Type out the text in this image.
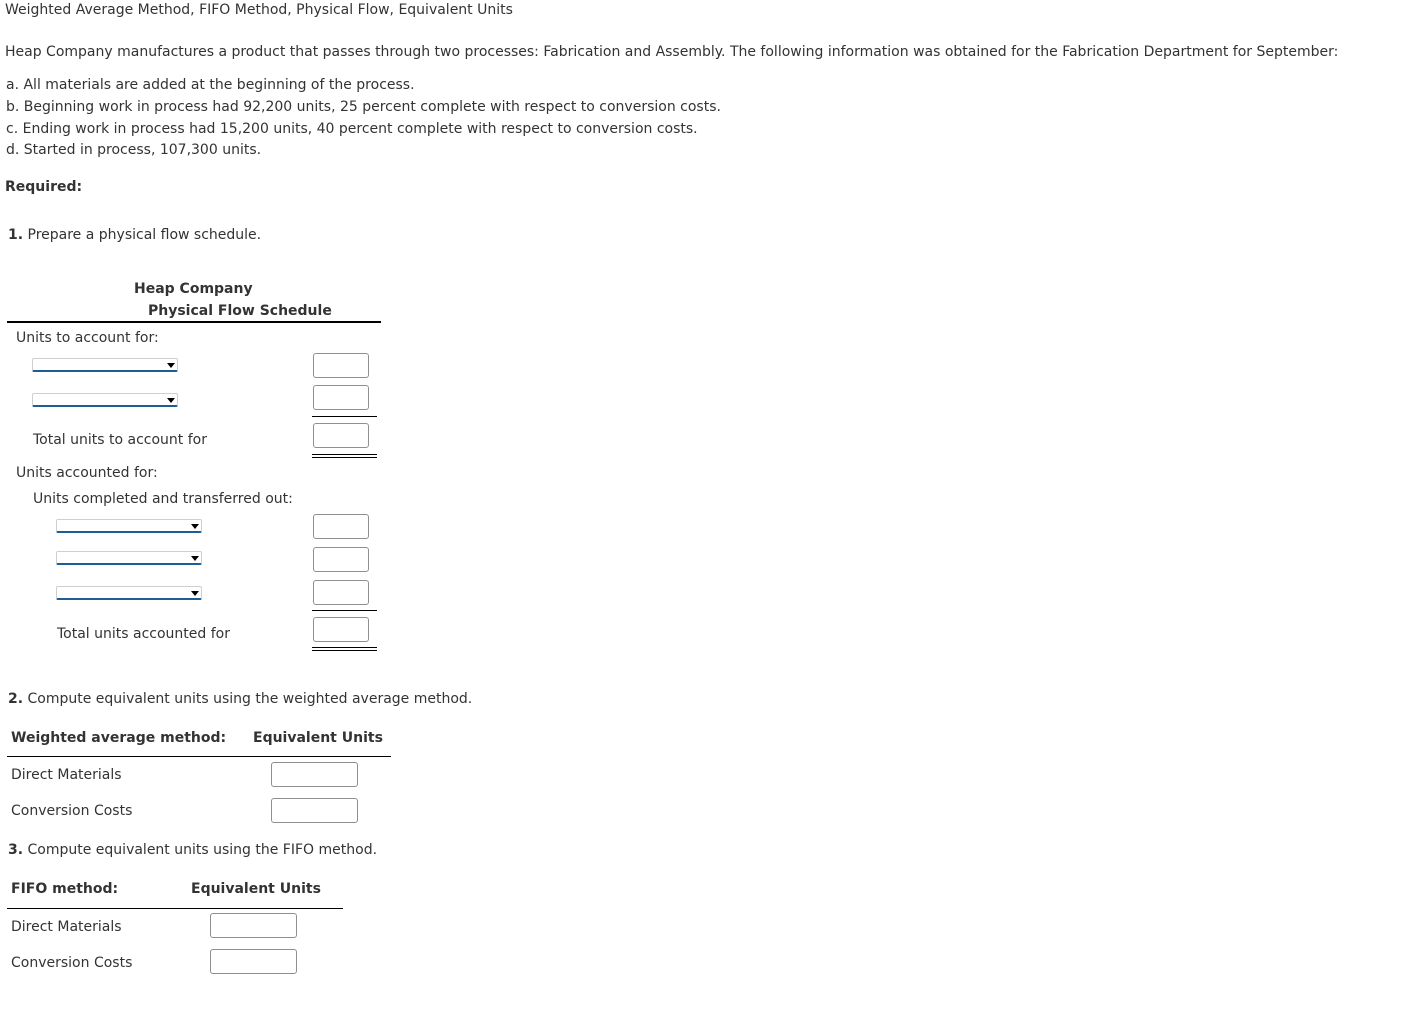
Weighted Average Method, FIFO Method, Physical Flow, Equivalent Units
Heap Company manufactures a product that passes through two processes: Fabrication and Assembly. The following information was obtained for the Fabrication Department for September:
a. All materials are added at the beginning of the process.
b. Beginning work in process had 92,200 units, 25 percent complete with respect to conversion costs.
c. Ending work in process had 15,200 units, 40 percent complete with respect to conversion costs.
d. Started in process, 107,300 units.
Required:
1. Prepare a physical flow schedule.
Heap Company
Physical Flow Schedule
Units to account for:
Total units to account for
Units accounted for:
Units completed and transferred out:
Total units accounted for
2. Compute equivalent units using the weighted average method.
Weighted average method: Equivalent Units
Direct Materials
Conversion Costs
3. Compute equivalent units using the FIFO method.
FIFO method:	Equivalent Units
Direct Materials
Conversion Costs
